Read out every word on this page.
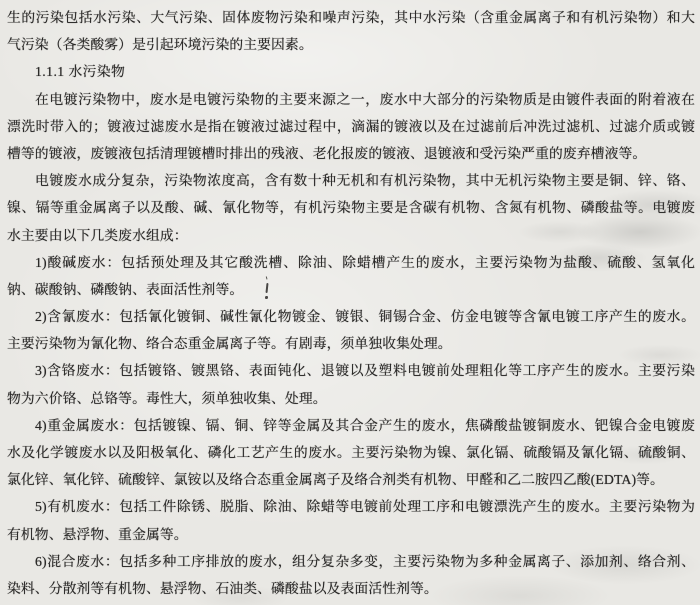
生的污染包括水污染、大气污染、固体废物污染和噪声污染，其中水污染（含重金属离子和有机污染物）和大
气污染（各类酸雾）是引起环境污染的主要因素。
1.1.1 水污染物
在电镀污染物中，废水是电镀污染物的主要来源之一，废水中大部分的污染物质是由镀件表面的附着液在
漂洗时带入的；镀液过滤废水是指在镀液过滤过程中，滴漏的镀液以及在过滤前后冲洗过滤机、过滤介质或镀
槽等的镀液，废镀液包括清理镀槽时排出的残液、老化报废的镀液、退镀液和受污染严重的废弃槽液等。
电镀废水成分复杂，污染物浓度高，含有数十种无机和有机污染物，其中无机污染物主要是铜、锌、铬、
镍、镉等重金属离子以及酸、碱、氰化物等，有机污染物主要是含碳有机物、含氮有机物、磷酸盐等。电镀废
水主要由以下几类废水组成：
1)酸碱废水：包括预处理及其它酸洗槽、除油、除蜡槽产生的废水，主要污染物为盐酸、硫酸、氢氧化
钠、碳酸钠、磷酸钠、表面活性剂等。
2)含氰废水：包括氰化镀铜、碱性氰化物镀金、镀银、铜锡合金、仿金电镀等含氰电镀工序产生的废水。
主要污染物为氰化物、络合态重金属离子等。有剧毒，须单独收集处理。
3)含铬废水：包括镀铬、镀黑铬、表面钝化、退镀以及塑料电镀前处理粗化等工序产生的废水。主要污染
物为六价铬、总铬等。毒性大，须单独收集、处理。
4)重金属废水：包括镀镍、镉、铜、锌等金属及其合金产生的废水，焦磷酸盐镀铜废水、钯镍合金电镀废
水及化学镀废水以及阳极氧化、磷化工艺产生的废水。主要污染物为镍、氯化镉、硫酸镉及氰化镉、硫酸铜、
氯化锌、氧化锌、硫酸锌、氯铵以及络合态重金属离子及络合剂类有机物、甲醛和乙二胺四乙酸(EDTA)等。
5)有机废水：包括工件除锈、脱脂、除油、除蜡等电镀前处理工序和电镀漂洗产生的废水。主要污染物为
有机物、悬浮物、重金属等。
6)混合废水：包括多种工序排放的废水，组分复杂多变，主要污染物为多种金属离子、添加剂、络合剂、
染料、分散剂等有机物、悬浮物、石油类、磷酸盐以及表面活性剂等。
